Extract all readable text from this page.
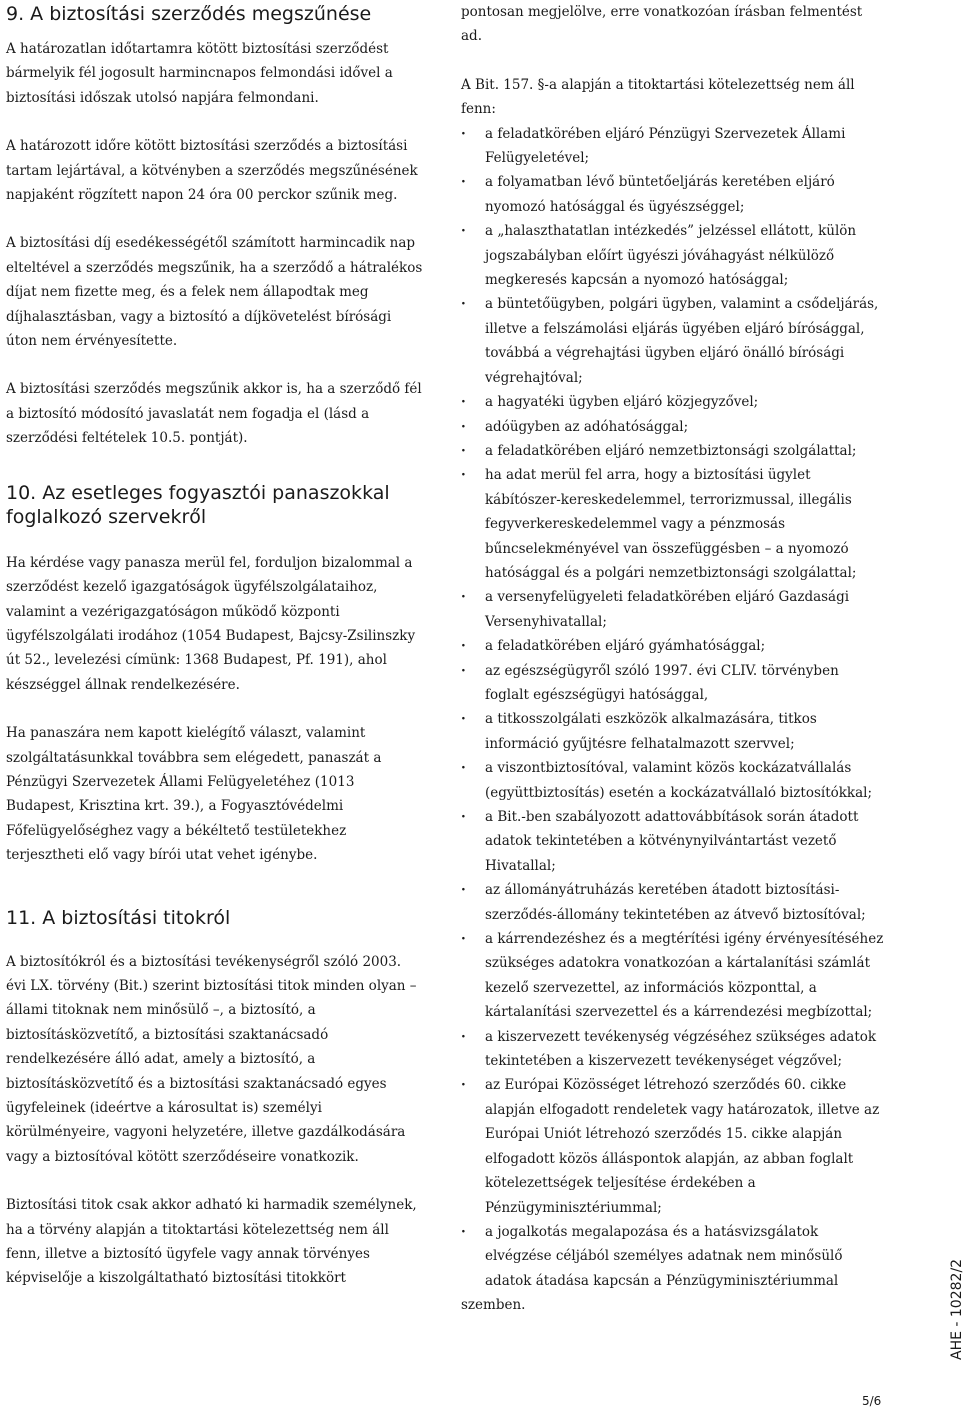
9. A biztosítási szerződés megszűnése

A határozatlan időtartamra kötött biztosítási szerződést bármelyik fél jogosult harmincnapos felmondási idővel a biztosítási időszak utolsó napjára felmondani.

A határozott időre kötött biztosítási szerződés a biztosítási tartam lejártával, a kötvényben a szerződés megszűnésének napjaként rögzített napon 24 óra 00 perckor szűnik meg.

A biztosítási díj esedékességétől számított harmincadik nap elteltével a szerződés megszűnik, ha a szerződő a hátralékos díjat nem fizette meg, és a felek nem állapodtak meg díjhalasztásban, vagy a biztosító a díjkövetelést bírósági úton nem érvényesítette.

A biztosítási szerződés megszűnik akkor is, ha a szerződő fél a biztosító módosító javaslatát nem fogadja el (lásd a szerződési feltételek 10.5. pontját).

10. Az esetleges fogyasztói panaszokkal foglalkozó szervekről

Ha kérdése vagy panasza merül fel, forduljon bizalommal a szerződést kezelő igazgatóságok ügyfélszolgálataihoz, valamint a vezérigazgatóságon működő központi ügyfélszolgálati irodához (1054 Budapest, Bajcsy-Zsilinszky út 52., levelezési címünk: 1368 Budapest, Pf. 191), ahol készséggel állnak rendelkezésére.

Ha panaszára nem kapott kielégítő választ, valamint szolgáltatásunkkal továbbra sem elégedett, panaszát a Pénzügyi Szervezetek Állami Felügyeletéhez (1013 Budapest, Krisztina krt. 39.), a Fogyasztóvédelmi Főfelügyelőséghez vagy a békéltető testületekhez terjesztheti elő vagy bírói utat vehet igénybe.

11. A biztosítási titokról

A biztosítókról és a biztosítási tevékenységről szóló 2003. évi LX. törvény (Bit.) szerint biztosítási titok minden olyan – állami titoknak nem minősülő –, a biztosító, a biztosításközvetítő, a biztosítási szaktanácsadó rendelkezésére álló adat, amely a biztosító, a biztosításközvetítő és a biztosítási szaktanácsadó egyes ügyfeleinek (ideértve a károsultat is) személyi körülményeire, vagyoni helyzetére, illetve gazdálkodására vagy a biztosítóval kötött szerződéseire vonatkozik.

Biztosítási titok csak akkor adható ki harmadik személynek, ha a törvény alapján a titoktartási kötelezettség nem áll fenn, illetve a biztosító ügyfele vagy annak törvényes képviselője a kiszolgáltatható biztosítási titokkört

pontosan megjelölve, erre vonatkozóan írásban felmentést ad.

A Bit. 157. §-a alapján a titoktartási kötelezettség nem áll fenn:

· a feladatkörében eljáró Pénzügyi Szervezetek Állami Felügyeletével;
· a folyamatban lévő büntetőeljárás keretében eljáró nyomozó hatósággal és ügyészséggel;
· a „halaszthatatlan intézkedés” jelzéssel ellátott, külön jogszabályban előírt ügyészi jóváhagyást nélkülöző megkeresés kapcsán a nyomozó hatósággal;
· a büntetőügyben, polgári ügyben, valamint a csődeljárás, illetve a felszámolási eljárás ügyében eljáró bírósággal, továbbá a végrehajtási ügyben eljáró önálló bírósági végrehajtóval;
· a hagyatéki ügyben eljáró közjegyzővel;
· adóügyben az adóhatósággal;
· a feladatkörében eljáró nemzetbiztonsági szolgálattal;
· ha adat merül fel arra, hogy a biztosítási ügylet kábítószer-kereskedelemmel, terrorizmussal, illegális fegyverkereskedelemmel vagy a pénzmosás bűncselekményével van összefüggésben – a nyomozó hatósággal és a polgári nemzetbiztonsági szolgálattal;
· a versenyfelügyeleti feladatkörében eljáró Gazdasági Versenyhivatallal;
· a feladatkörében eljáró gyámhatósággal;
· az egészségügyről szóló 1997. évi CLIV. törvényben foglalt egészségügyi hatósággal,
· a titkosszolgálati eszközök alkalmazására, titkos információ gyűjtésre felhatalmazott szervvel;
· a viszontbiztosítóval, valamint közös kockázatvállalás (együttbiztosítás) esetén a kockázatvállaló biztosítókkal;
· a Bit.-ben szabályozott adattovábbítások során átadott adatok tekintetében a kötvénynyilvántartást vezető Hivatallal;
· az állományátruházás keretében átadott biztosítási-szerződés-állomány tekintetében az átvevő biztosítóval;
· a kárrendezéshez és a megtérítési igény érvényesítéséhez szükséges adatokra vonatkozóan a kártalanítási számlát kezelő szervezettel, az információs központtal, a kártalanítási szervezettel és a kárrendezési megbízottal;
· a kiszervezett tevékenység végzéséhez szükséges adatok tekintetében a kiszervezett tevékenységet végzővel;
· az Európai Közösséget létrehozó szerződés 60. cikke alapján elfogadott rendeletek vagy határozatok, illetve az Európai Uniót létrehozó szerződés 15. cikke alapján elfogadott közös álláspontok alapján, az abban foglalt kötelezettségek teljesítése érdekében a Pénzügyminisztériummal;
· a jogalkotás megalapozása és a hatásvizsgálatok elvégzése céljából személyes adatnak nem minősülő adatok átadása kapcsán a Pénzügyminisztériummal

szemben.	AHE - 10282/2
5/6
